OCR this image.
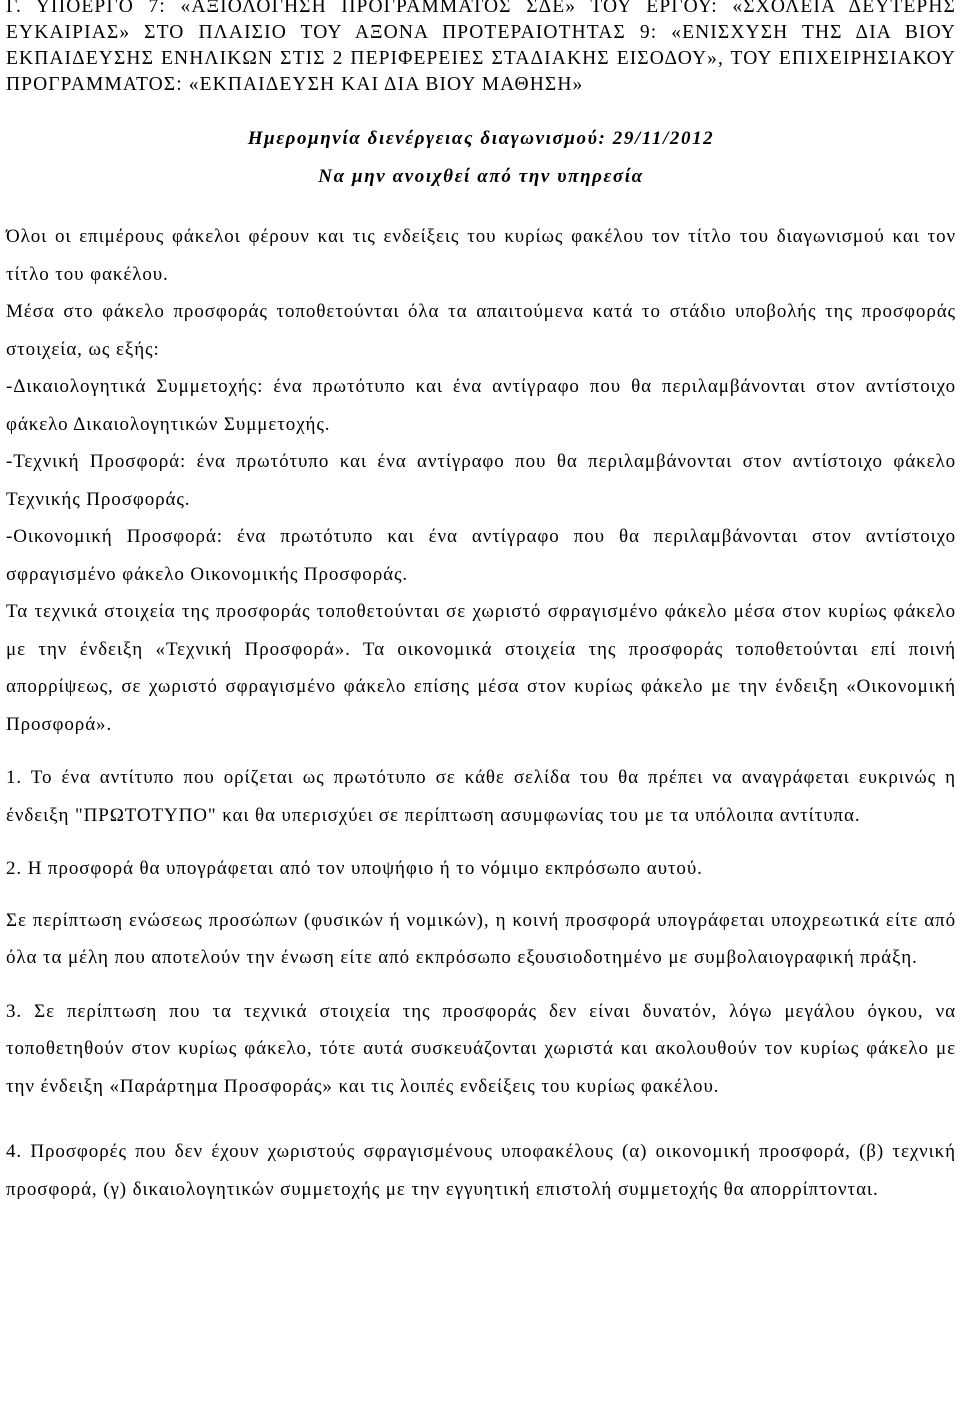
Γ. ΥΠΟΕΡΓΟ 7: «ΑΞΙΟΛΟΓΗΣΗ ΠΡΟΓΡΑΜΜΑΤΟΣ ΣΔΕ» ΤΟΥ ΕΡΓΟΥ: «ΣΧΟΛΕΙΑ ΔΕΥΤΕΡΗΣ ΕΥΚΑΙΡΙΑΣ» ΣΤΟ ΠΛΑΙΣΙΟ ΤΟΥ ΑΞΟΝΑ ΠΡΟΤΕΡΑΙΟΤΗΤΑΣ 9: «ΕΝΙΣΧΥΣΗ ΤΗΣ ΔΙΑ ΒΙΟΥ ΕΚΠΑΙΔΕΥΣΗΣ ΕΝΗΛΙΚΩΝ ΣΤΙΣ 2 ΠΕΡΙΦΕΡΕΙΕΣ ΣΤΑΔΙΑΚΗΣ ΕΙΣΟΔΟΥ», ΤΟΥ ΕΠΙΧΕΙΡΗΣΙΑΚΟΥ ΠΡΟΓΡΑΜΜΑΤΟΣ: «ΕΚΠΑΙΔΕΥΣΗ ΚΑΙ ΔΙΑ ΒΙΟΥ ΜΑΘΗΣΗ»
Ημερομηνία διενέργειας διαγωνισμού: 29/11/2012
Να μην ανοιχθεί από την υπηρεσία

Όλοι οι επιμέρους φάκελοι φέρουν και τις ενδείξεις του κυρίως φακέλου τον τίτλο του διαγωνισμού και τον τίτλο του φακέλου.

Μέσα στο φάκελο προσφοράς τοποθετούνται όλα τα απαιτούμενα κατά το στάδιο υποβολής της προσφοράς στοιχεία, ως εξής:

-Δικαιολογητικά Συμμετοχής: ένα πρωτότυπο και ένα αντίγραφο που θα περιλαμβάνονται στον αντίστοιχο φάκελο Δικαιολογητικών Συμμετοχής.

-Τεχνική Προσφορά: ένα πρωτότυπο και ένα αντίγραφο που θα περιλαμβάνονται στον αντίστοιχο φάκελο Τεχνικής Προσφοράς.

-Οικονομική Προσφορά: ένα πρωτότυπο και ένα αντίγραφο που θα περιλαμβάνονται στον αντίστοιχο σφραγισμένο φάκελο Οικονομικής Προσφοράς.

Τα τεχνικά στοιχεία της προσφοράς τοποθετούνται σε χωριστό σφραγισμένο φάκελο μέσα στον κυρίως φάκελο με την ένδειξη «Τεχνική Προσφορά». Τα οικονομικά στοιχεία της προσφοράς τοποθετούνται επί ποινή απορρίψεως, σε χωριστό σφραγισμένο φάκελο επίσης μέσα στον κυρίως φάκελο με την ένδειξη «Οικονομική Προσφορά».

1. Το ένα αντίτυπο που ορίζεται ως πρωτότυπο σε κάθε σελίδα του θα πρέπει να αναγράφεται ευκρινώς η ένδειξη "ΠΡΩΤΟΤΥΠΟ" και θα υπερισχύει σε περίπτωση ασυμφωνίας του με τα υπόλοιπα αντίτυπα.

2. Η προσφορά θα υπογράφεται από τον υποψήφιο ή το νόμιμο εκπρόσωπο αυτού.

Σε περίπτωση ενώσεως προσώπων (φυσικών ή νομικών), η κοινή προσφορά υπογράφεται υποχρεωτικά είτε από όλα τα μέλη που αποτελούν την ένωση είτε από εκπρόσωπο εξουσιοδοτημένο με συμβολαιογραφική πράξη.

3. Σε περίπτωση που τα τεχνικά στοιχεία της προσφοράς δεν είναι δυνατόν, λόγω μεγάλου όγκου, να τοποθετηθούν στον κυρίως φάκελο, τότε αυτά συσκευάζονται χωριστά και ακολουθούν τον κυρίως φάκελο με την ένδειξη «Παράρτημα Προσφοράς» και τις λοιπές ενδείξεις του κυρίως φακέλου.

4. Προσφορές που δεν έχουν χωριστούς σφραγισμένους υποφακέλους (α) οικονομική προσφορά, (β) τεχνική προσφορά, (γ) δικαιολογητικών συμμετοχής με την εγγυητική επιστολή συμμετοχής θα απορρίπτονται.
